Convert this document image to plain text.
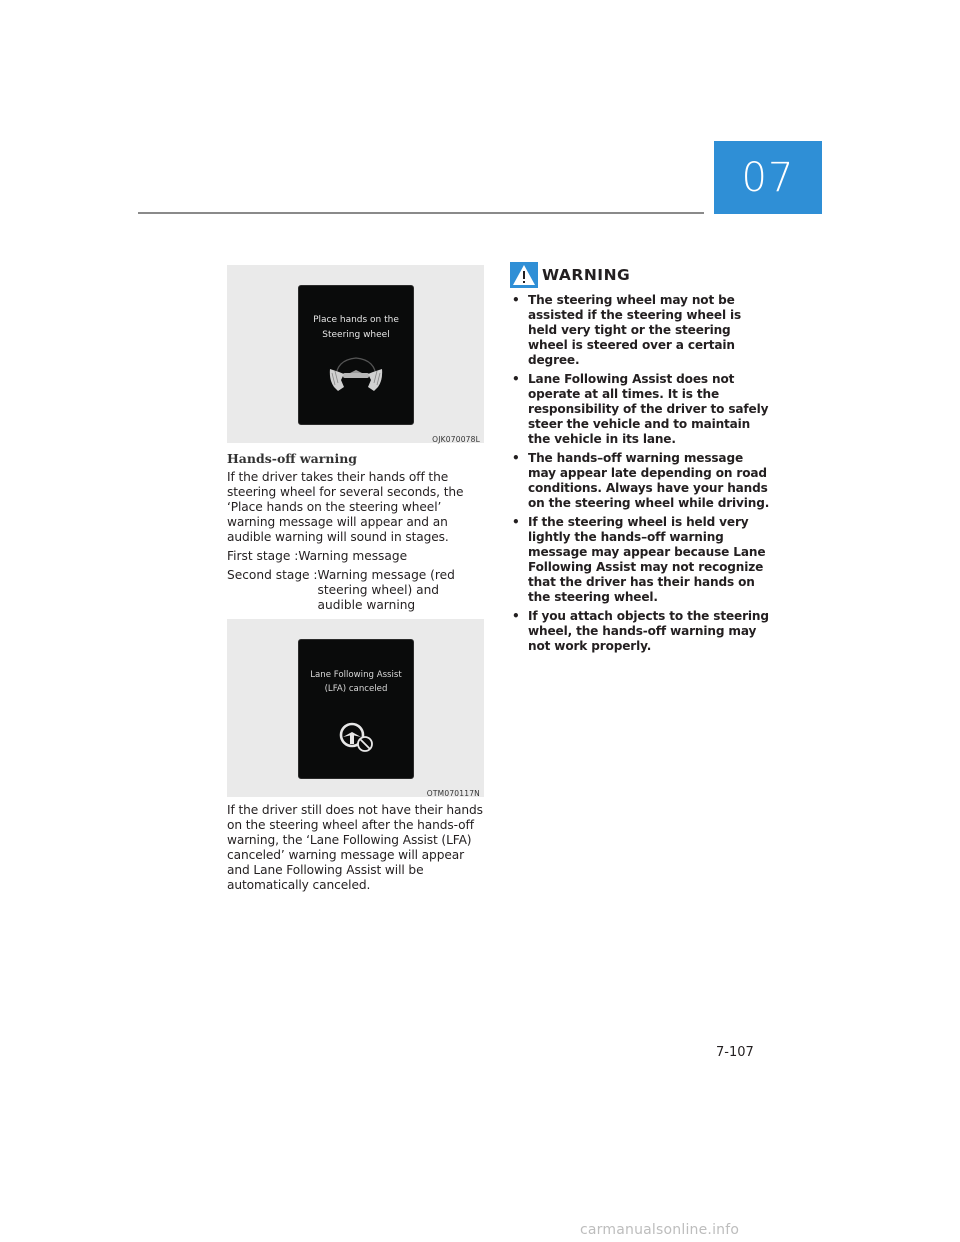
07
Place hands on the
Steering wheel
OJK070078L
Hands-off warning

If the driver takes their hands off the steering wheel for several seconds, the ‘Place hands on the steering wheel’ warning message will appear and an audible warning will sound in stages.

First stage : Warning message
Second stage : Warning message (red steering wheel) and audible warning
Lane Following Assist
(LFA) canceled
OTM070117N

If the driver still does not have their hands on the steering wheel after the hands-off warning, the ‘Lane Following Assist (LFA) canceled’ warning message will appear and Lane Following Assist will be automatically canceled.

WARNING
• The steering wheel may not be assisted if the steering wheel is held very tight or the steering wheel is steered over a certain degree.
• Lane Following Assist does not operate at all times. It is the responsibility of the driver to safely steer the vehicle and to maintain the vehicle in its lane.
• The hands–off warning message may appear late depending on road conditions. Always have your hands on the steering wheel while driving.
• If the steering wheel is held very lightly the hands–off warning message may appear because Lane Following Assist may not recognize that the driver has their hands on the steering wheel.
• If you attach objects to the steering wheel, the hands-off warning may not work properly.
7-107
carmanualsonline.info
